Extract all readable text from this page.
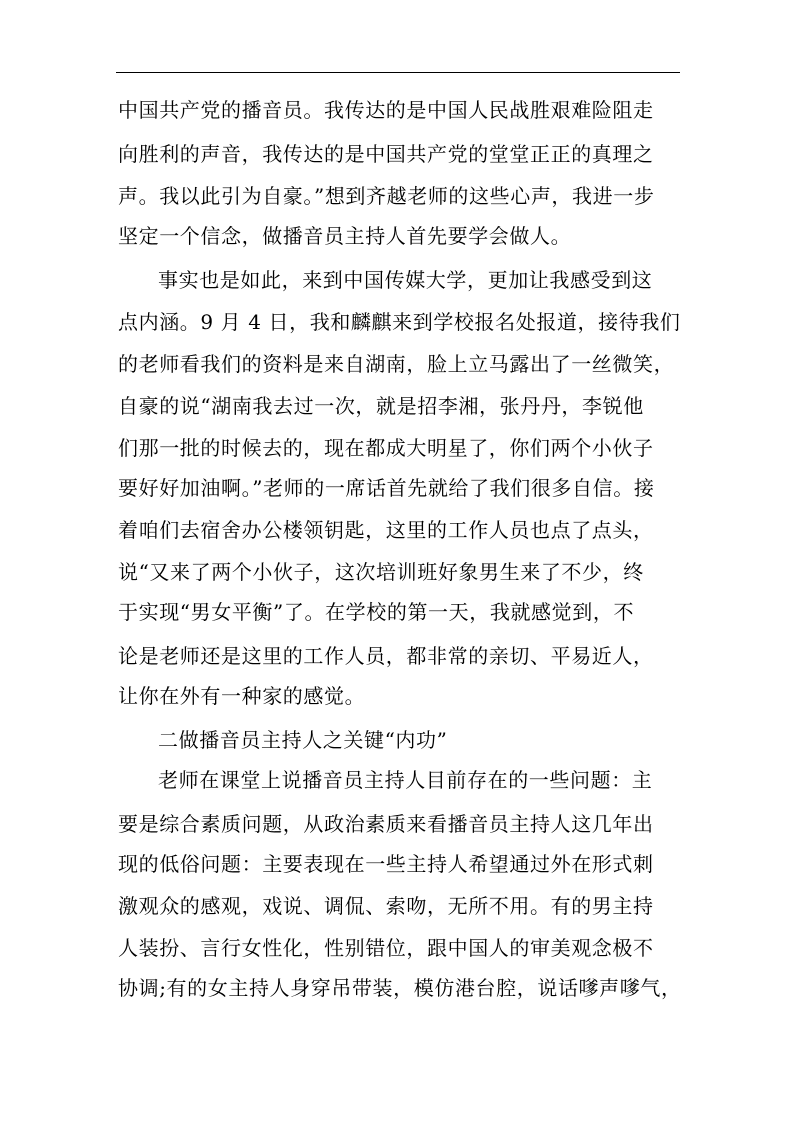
中国共产党的播音员。我传达的是中国人民战胜艰难险阻走
向胜利的声音，我传达的是中国共产党的堂堂正正的真理之
声。我以此引为自豪。”想到齐越老师的这些心声，我进一步
坚定一个信念，做播音员主持人首先要学会做人。
事实也是如此，来到中国传媒大学，更加让我感受到这
点内涵。9 月 4 日，我和麟麒来到学校报名处报道，接待我们
的老师看我们的资料是来自湖南，脸上立马露出了一丝微笑，
自豪的说“湖南我去过一次，就是招李湘，张丹丹，李锐他
们那一批的时候去的，现在都成大明星了，你们两个小伙子
要好好加油啊。”老师的一席话首先就给了我们很多自信。接
着咱们去宿舍办公楼领钥匙，这里的工作人员也点了点头，
说“又来了两个小伙子，这次培训班好象男生来了不少，终
于实现“男女平衡”了。在学校的第一天，我就感觉到，不
论是老师还是这里的工作人员，都非常的亲切、平易近人，
让你在外有一种家的感觉。
二做播音员主持人之关键“内功”
老师在课堂上说播音员主持人目前存在的一些问题：主
要是综合素质问题，从政治素质来看播音员主持人这几年出
现的低俗问题：主要表现在一些主持人希望通过外在形式刺
激观众的感观，戏说、调侃、索吻，无所不用。有的男主持
人装扮、言行女性化，性别错位，跟中国人的审美观念极不
协调;有的女主持人身穿吊带装，模仿港台腔，说话嗲声嗲气，
